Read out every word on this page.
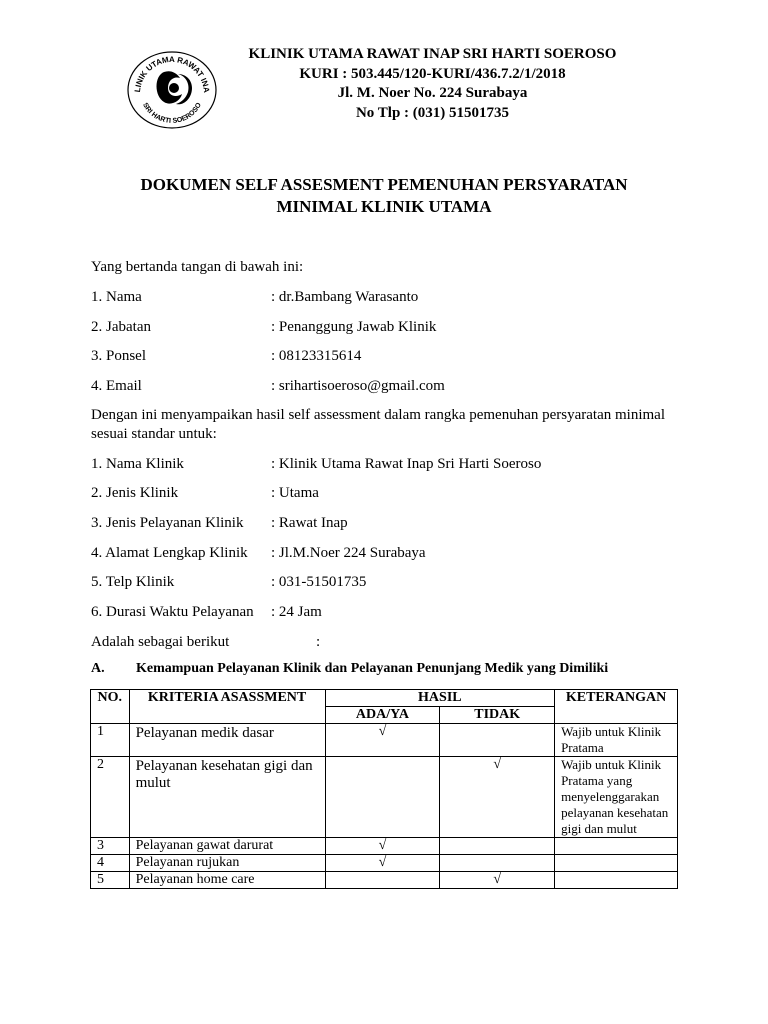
LINIK UTAMA RAWAT INA
SRI HARTI SOEROSO
KLINIK UTAMA RAWAT INAP SRI HARTI SOEROSO
KURI : 503.445/120-KURI/436.7.2/1/2018
Jl. M. Noer No. 224 Surabaya
No Tlp : (031) 51501735
DOKUMEN SELF ASSESMENT PEMENUHAN PERSYARATAN
MINIMAL KLINIK UTAMA
Yang bertanda tangan di bawah ini:
1. Nama	: dr.Bambang Warasanto
2. Jabatan	: Penanggung Jawab Klinik
3. Ponsel	: 08123315614
4. Email	: srihartisoeroso@gmail.com
Dengan ini menyampaikan hasil self assessment dalam rangka pemenuhan persyaratan minimal sesuai standar untuk:
1. Nama Klinik	: Klinik Utama Rawat Inap Sri Harti Soeroso
2. Jenis Klinik	: Utama
3. Jenis Pelayanan Klinik : Rawat Inap
4. Alamat Lengkap Klinik : Jl.M.Noer 224 Surabaya
5. Telp Klinik	: 031-51501735
6. Durasi Waktu Pelayanan : 24 Jam
Adalah sebagai berikut	:
A. Kemampuan Pelayanan Klinik dan Pelayanan Penunjang Medik yang Dimiliki
NO.	KRITERIA ASASSMENT	HASIL		KETERANGAN
		ADA/YA	TIDAK	
1	Pelayanan medik dasar	√		Wajib untuk Klinik Pratama
2	Pelayanan kesehatan gigi dan mulut		√	Wajib untuk Klinik Pratama yang menyelenggarakan pelayanan kesehatan gigi dan mulut
3	Pelayanan gawat darurat	√		
4	Pelayanan rujukan	√		
5	Pelayanan home care		√	
